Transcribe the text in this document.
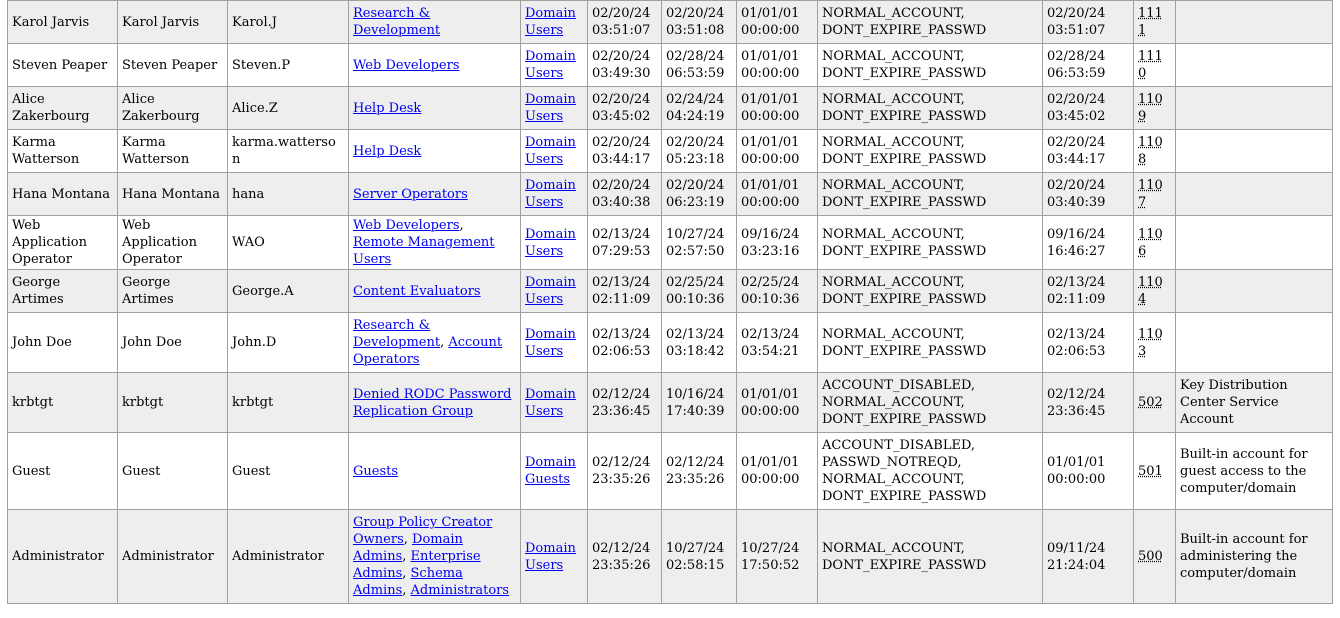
Karol Jarvis	Karol Jarvis	Karol.J	Research & Development	Domain Users	02/20/24 03:51:07	02/20/24 03:51:08	01/01/01 00:00:00	NORMAL_ACCOUNT, DONT_EXPIRE_PASSWD	02/20/24 03:51:07	1111	
Steven Peaper	Steven Peaper	Steven.P	Web Developers	Domain Users	02/20/24 03:49:30	02/28/24 06:53:59	01/01/01 00:00:00	NORMAL_ACCOUNT, DONT_EXPIRE_PASSWD	02/28/24 06:53:59	1110	
Alice Zakerbourg	Alice Zakerbourg	Alice.Z	Help Desk	Domain Users	02/20/24 03:45:02	02/24/24 04:24:19	01/01/01 00:00:00	NORMAL_ACCOUNT, DONT_EXPIRE_PASSWD	02/20/24 03:45:02	1109	
Karma Watterson	Karma Watterson	karma.watterson	Help Desk	Domain Users	02/20/24 03:44:17	02/20/24 05:23:18	01/01/01 00:00:00	NORMAL_ACCOUNT, DONT_EXPIRE_PASSWD	02/20/24 03:44:17	1108	
Hana Montana	Hana Montana	hana	Server Operators	Domain Users	02/20/24 03:40:38	02/20/24 06:23:19	01/01/01 00:00:00	NORMAL_ACCOUNT, DONT_EXPIRE_PASSWD	02/20/24 03:40:39	1107	
Web Application Operator	Web Application Operator	WAO	Web Developers, Remote Management Users	Domain Users	02/13/24 07:29:53	10/27/24 02:57:50	09/16/24 03:23:16	NORMAL_ACCOUNT, DONT_EXPIRE_PASSWD	09/16/24 16:46:27	1106	
George Artimes	George Artimes	George.A	Content Evaluators	Domain Users	02/13/24 02:11:09	02/25/24 00:10:36	02/25/24 00:10:36	NORMAL_ACCOUNT, DONT_EXPIRE_PASSWD	02/13/24 02:11:09	1104	
John Doe	John Doe	John.D	Research & Development, Account Operators	Domain Users	02/13/24 02:06:53	02/13/24 03:18:42	02/13/24 03:54:21	NORMAL_ACCOUNT, DONT_EXPIRE_PASSWD	02/13/24 02:06:53	1103	
krbtgt	krbtgt	krbtgt	Denied RODC Password Replication Group	Domain Users	02/12/24 23:36:45	10/16/24 17:40:39	01/01/01 00:00:00	ACCOUNT_DISABLED, NORMAL_ACCOUNT, DONT_EXPIRE_PASSWD	02/12/24 23:36:45	502	Key Distribution Center Service Account
Guest	Guest	Guest	Guests	Domain Guests	02/12/24 23:35:26	02/12/24 23:35:26	01/01/01 00:00:00	ACCOUNT_DISABLED, PASSWD_NOTREQD, NORMAL_ACCOUNT, DONT_EXPIRE_PASSWD	01/01/01 00:00:00	501	Built-in account for guest access to the computer/domain
Administrator	Administrator	Administrator	Group Policy Creator Owners, Domain Admins, Enterprise Admins, Schema Admins, Administrators	Domain Users	02/12/24 23:35:26	10/27/24 02:58:15	10/27/24 17:50:52	NORMAL_ACCOUNT, DONT_EXPIRE_PASSWD	09/11/24 21:24:04	500	Built-in account for administering the computer/domain
